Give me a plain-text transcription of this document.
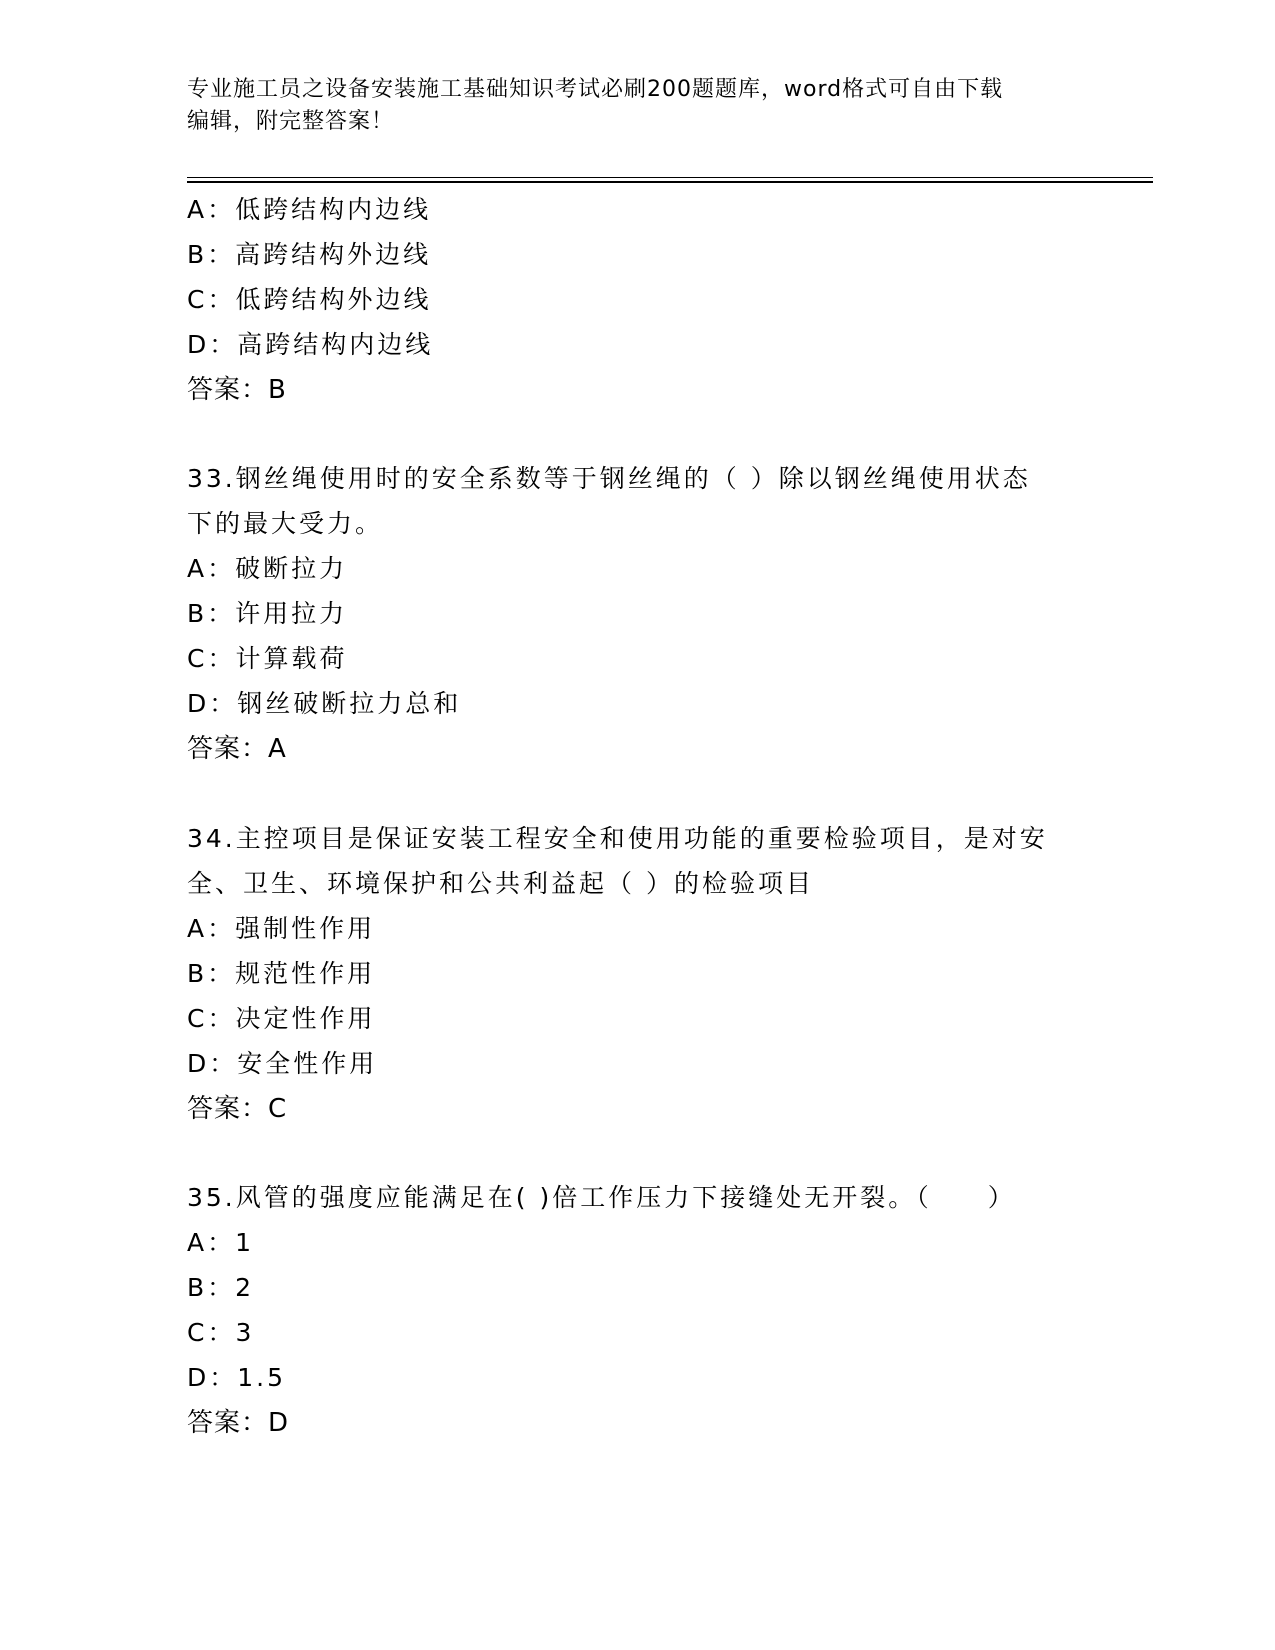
专业施工员之设备安装施工基础知识考试必刷200题题库，word格式可自由下载
编辑，附完整答案！
A：低跨结构内边线
B：高跨结构外边线
C：低跨结构外边线
D：高跨结构内边线
答案：B
33.钢丝绳使用时的安全系数等于钢丝绳的（ ）除以钢丝绳使用状态
下的最大受力。
A：破断拉力
B：许用拉力
C：计算载荷
D：钢丝破断拉力总和
答案：A
34.主控项目是保证安装工程安全和使用功能的重要检验项目，是对安
全、卫生、环境保护和公共利益起（ ）的检验项目
A：强制性作用
B：规范性作用
C：决定性作用
D：安全性作用
答案：C
35.风管的强度应能满足在( )倍工作压力下接缝处无开裂。（　　）
A：1
B：2
C：3
D：1.5
答案：D
